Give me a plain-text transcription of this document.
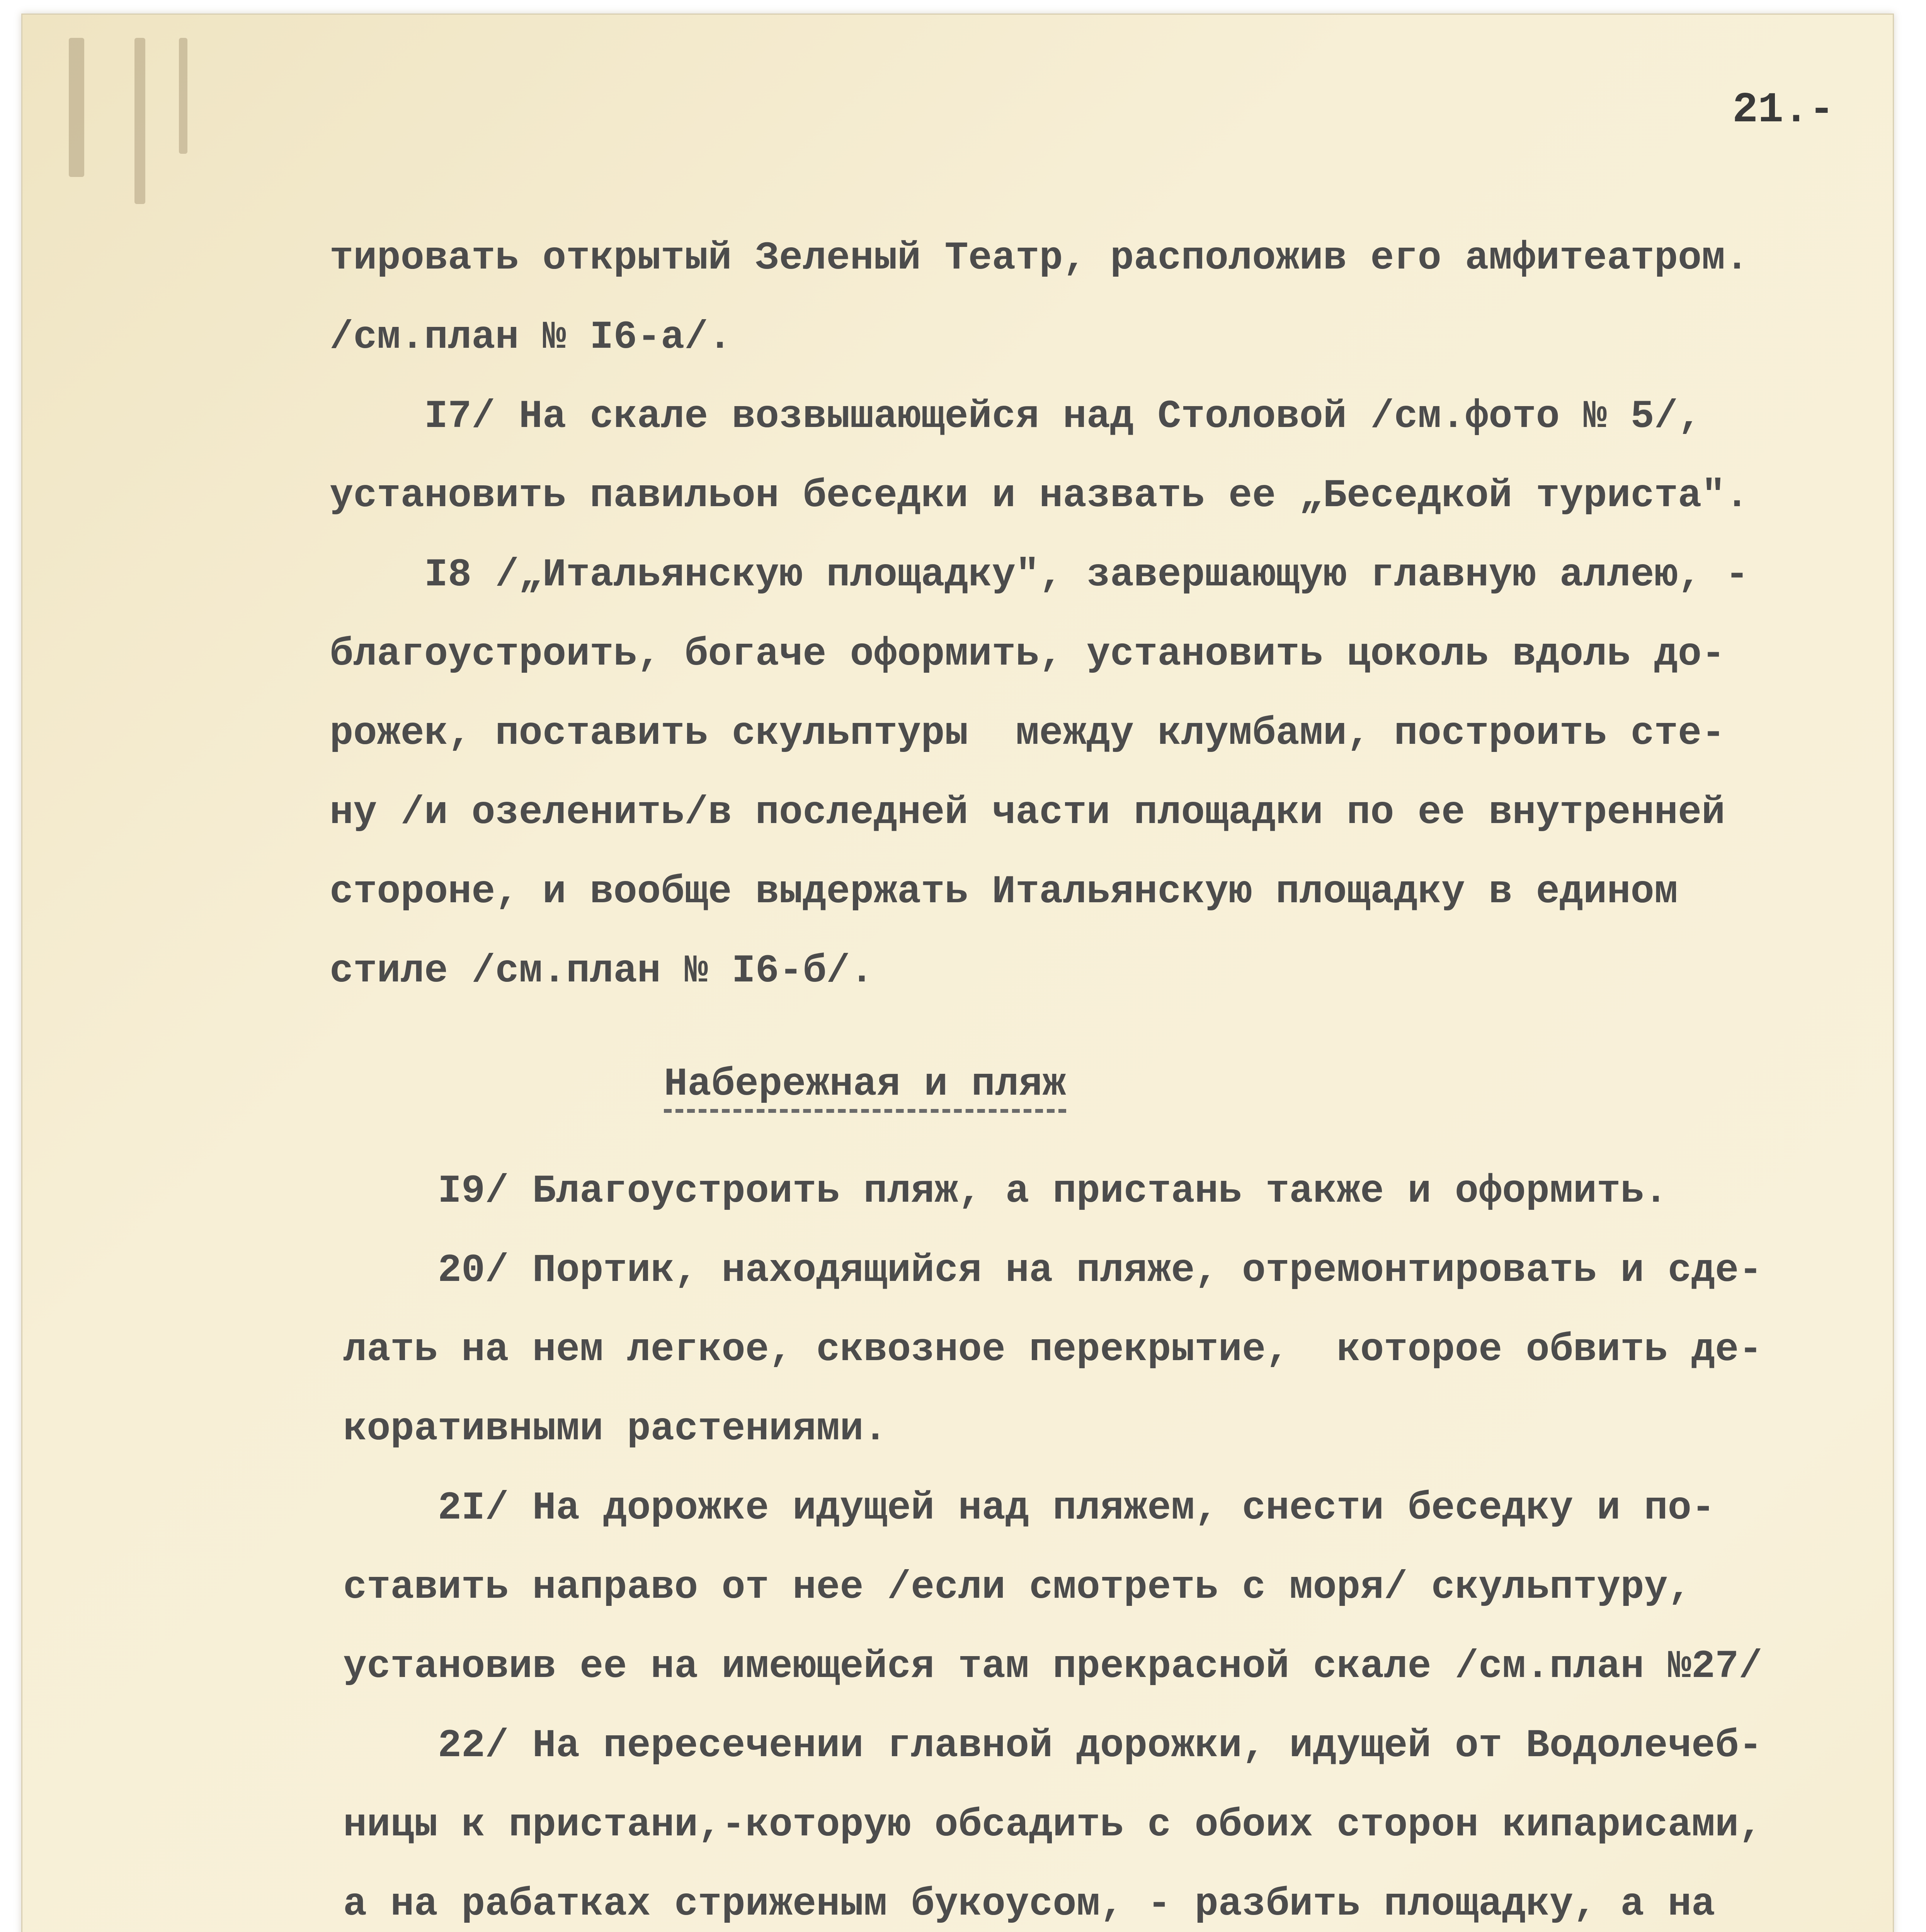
21.-
тировать открытый Зеленый Театр, расположив его амфитеатром.
/см.план № I6-а/.
I7/ На скале возвышающейся над Столовой /см.фото № 5/,
установить павильон беседки и назвать ее „Беседкой туриста".
I8 /„Итальянскую площадку", завершающую главную аллею, -
благоустроить, богаче оформить, установить цоколь вдоль до-
рожек, поставить скульптуры  между клумбами, построить сте-
ну /и озеленить/в последней части площадки по ее внутренней
стороне, и вообще выдержать Итальянскую площадку в едином
стиле /см.план № I6-б/.
Набережная и пляж
I9/ Благоустроить пляж, а пристань также и оформить.
20/ Портик, находящийся на пляже, отремонтировать и сде-
лать на нем легкое, сквозное перекрытие,  которое обвить де-
коративными растениями.
2I/ На дорожке идущей над пляжем, снести беседку и по-
ставить направо от нее /если смотреть с моря/ скульптуру,
установив ее на имеющейся там прекрасной скале /см.план №27/
22/ На пересечении главной дорожки, идущей от Водолечеб-
ницы к пристани,-которую обсадить с обоих сторон кипарисами,
а на рабатках стриженым букоусом, - разбить площадку, а на
